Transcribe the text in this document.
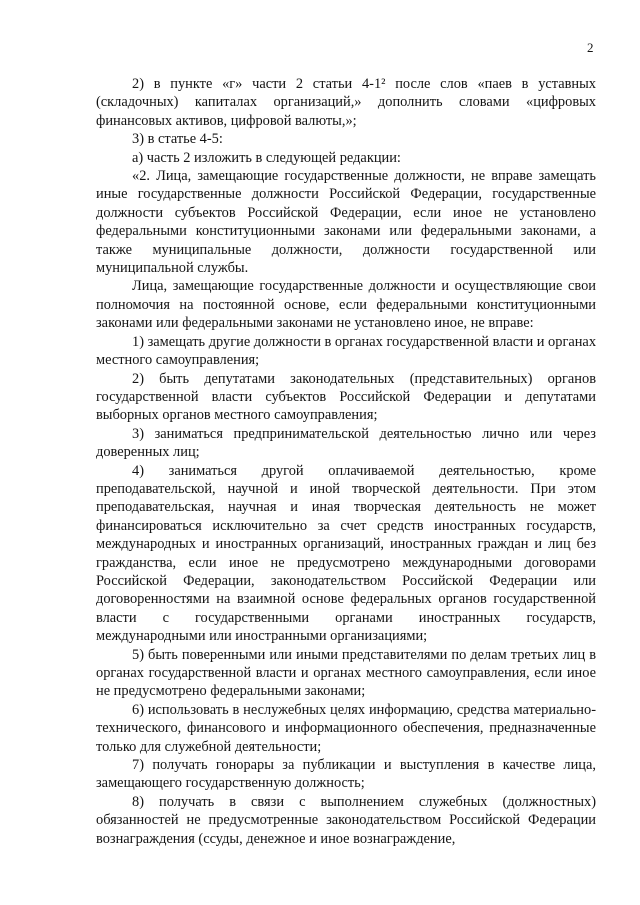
2

2) в пункте «г» части 2 статьи 4-1² после слов «паев в уставных (складочных) капиталах организаций,» дополнить словами «цифровых финансовых активов, цифровой валюты,»;

3) в статье 4-5:

а) часть 2 изложить в следующей редакции:

«2. Лица, замещающие государственные должности, не вправе замещать иные государственные должности Российской Федерации, государственные должности субъектов Российской Федерации, если иное не установлено федеральными конституционными законами или федеральными законами, а также муниципальные должности, должности государственной или муниципальной службы.

Лица, замещающие государственные должности и осуществляющие свои полномочия на постоянной основе, если федеральными конституционными законами или федеральными законами не установлено иное, не вправе:

1) замещать другие должности в органах государственной власти и органах местного самоуправления;

2) быть депутатами законодательных (представительных) органов государственной власти субъектов Российской Федерации и депутатами выборных органов местного самоуправления;

3) заниматься предпринимательской деятельностью лично или через доверенных лиц;

4) заниматься другой оплачиваемой деятельностью, кроме преподавательской, научной и иной творческой деятельности. При этом преподавательская, научная и иная творческая деятельность не может финансироваться исключительно за счет средств иностранных государств, международных и иностранных организаций, иностранных граждан и лиц без гражданства, если иное не предусмотрено международными договорами Российской Федерации, законодательством Российской Федерации или договоренностями на взаимной основе федеральных органов государственной власти с государственными органами иностранных государств, международными или иностранными организациями;

5) быть поверенными или иными представителями по делам третьих лиц в органах государственной власти и органах местного самоуправления, если иное не предусмотрено федеральными законами;

6) использовать в неслужебных целях информацию, средства материально-технического, финансового и информационного обеспечения, предназначенные только для служебной деятельности;

7) получать гонорары за публикации и выступления в качестве лица, замещающего государственную должность;

8) получать в связи с выполнением служебных (должностных) обязанностей не предусмотренные законодательством Российской Федерации вознаграждения (ссуды, денежное и иное вознаграждение,
